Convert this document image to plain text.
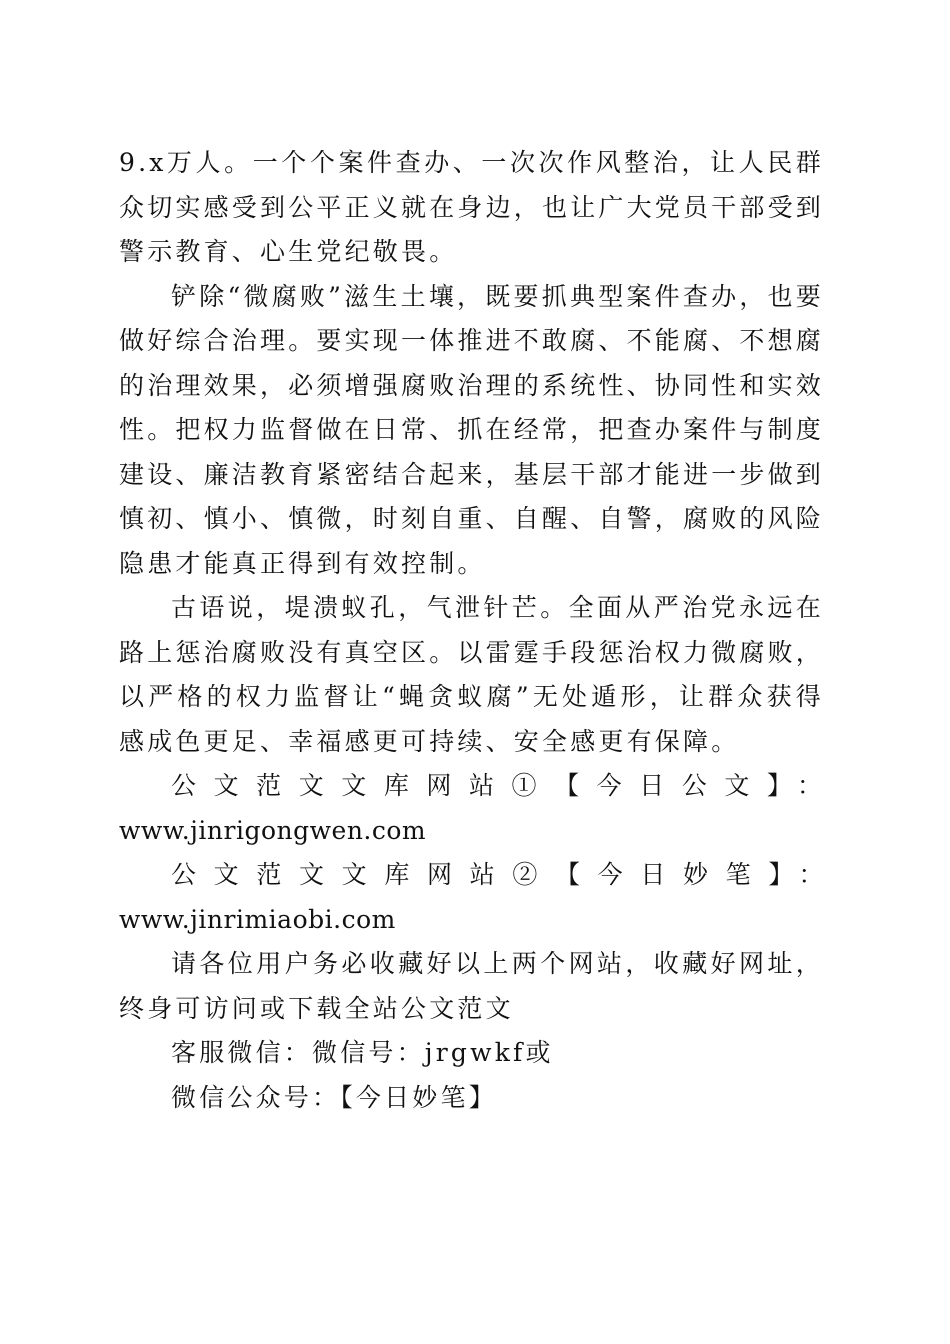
9.x万人。一个个案件查办、一次次作风整治，让人民群众切实感受到公平正义就在身边，也让广大党员干部受到警示教育、心生党纪敬畏。

铲除“微腐败”滋生土壤，既要抓典型案件查办，也要做好综合治理。要实现一体推进不敢腐、不能腐、不想腐的治理效果，必须增强腐败治理的系统性、协同性和实效性。把权力监督做在日常、抓在经常，把查办案件与制度建设、廉洁教育紧密结合起来，基层干部才能进一步做到慎初、慎小、慎微，时刻自重、自醒、自警，腐败的风险隐患才能真正得到有效控制。

古语说，堤溃蚁孔，气泄针芒。全面从严治党永远在路上惩治腐败没有真空区。以雷霆手段惩治权力微腐败，以严格的权力监督让“蝇贪蚁腐”无处遁形，让群众获得感成色更足、幸福感更可持续、安全感更有保障。

公文范文文库网站①【今日公文】：

www.jinrigongwen.com

公文范文文库网站②【今日妙笔】：www.jinrimiaobi.com

请各位用户务必收藏好以上两个网站，收藏好网址，终身可访问或下载全站公文范文

客服微信：微信号：jrgwkf或

微信公众号：【今日妙笔】
